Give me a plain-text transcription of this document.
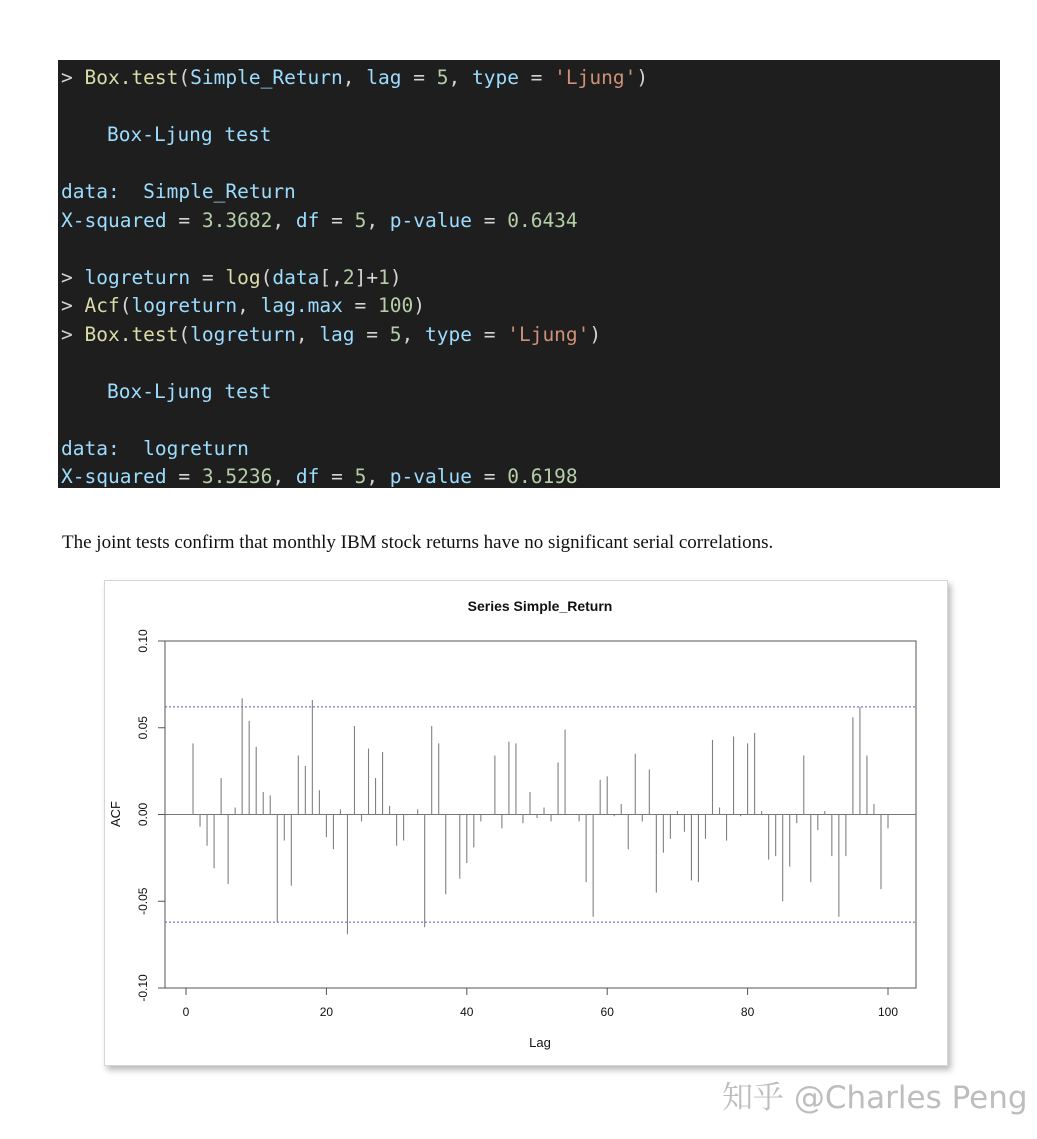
> Box.test(Simple_Return, lag = 5, type = 'Ljung')
Box-Ljung test
data:  Simple_Return
X-squared = 3.3682, df = 5, p-value = 0.6434
> logreturn = log(data[,2]+1)
> Acf(logreturn, lag.max = 100)
> Box.test(logreturn, lag = 5, type = 'Ljung')
Box-Ljung test
data:  logreturn
X-squared = 3.5236, df = 5, p-value = 0.6198
The joint tests confirm that monthly IBM stock returns have no significant serial correlations.
Series Simple_Return
Lag
ACF
0	20	40	60	80	100
-0.10
-0.05
0.00
0.05
0.10
知乎 @Charles Peng
